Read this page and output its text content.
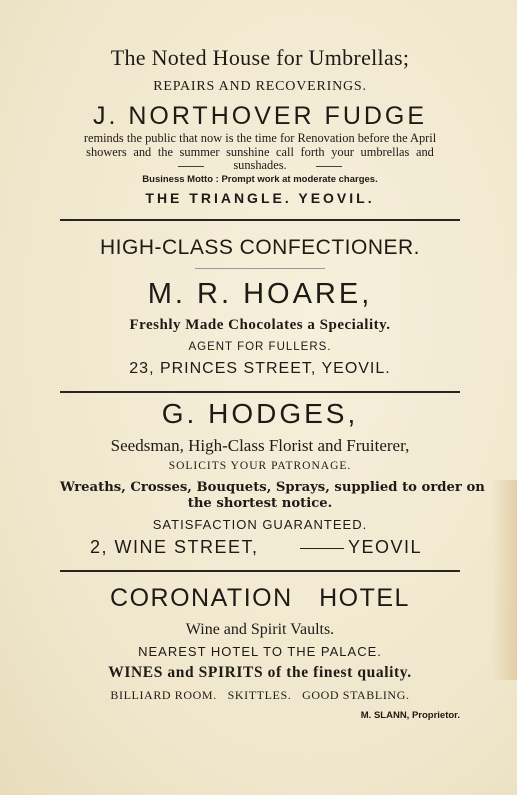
The Noted House for Umbrellas;
REPAIRS AND RECOVERINGS.
J. NORTHOVER FUDGE
reminds the public that now is the time for Renovation before the April
showers and the summer sunshine call forth your umbrellas and
sunshades.
Business Motto : Prompt work at moderate charges.
THE TRIANGLE. YEOVIL.
HIGH-CLASS CONFECTIONER.
M. R. HOARE,
Freshly Made Chocolates a Speciality.
AGENT FOR FULLERS.
23, PRINCES STREET, YEOVIL.
G. HODGES,
Seedsman, High-Class Florist and Fruiterer,
SOLICITS YOUR PATRONAGE.
Wreaths, Crosses, Bouquets, Sprays, supplied to order on
the shortest notice.
SATISFACTION GUARANTEED.
2, WINE STREET,	YEOVIL
CORONATION HOTEL
Wine and Spirit Vaults.
NEAREST HOTEL TO THE PALACE.
WINES and SPIRITS of the finest quality.
BILLIARD ROOM.   SKITTLES.   GOOD STABLING.
M. SLANN, Proprietor.
